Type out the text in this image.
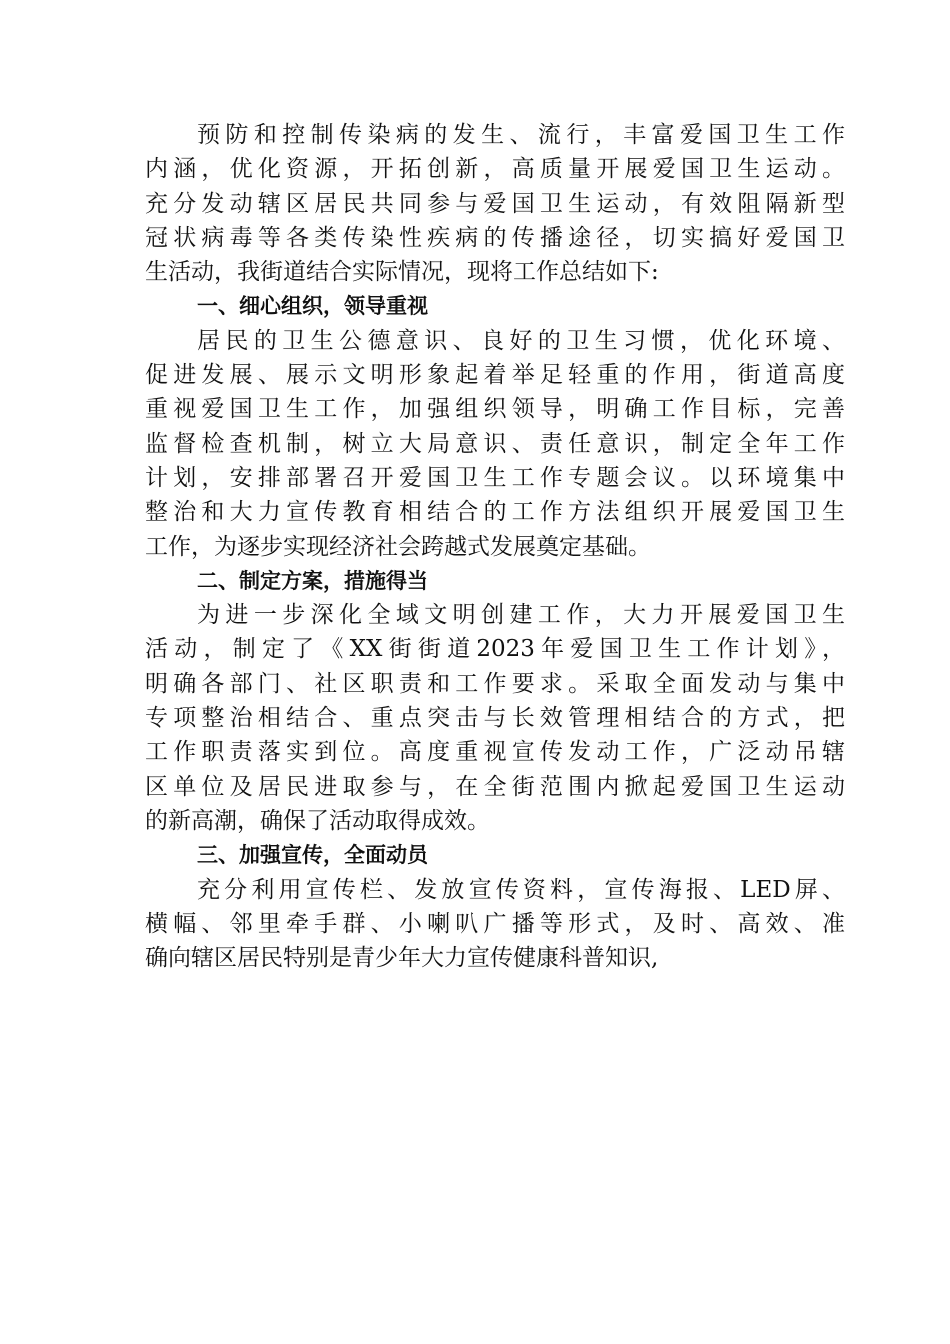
预防和控制传染病的发生、流行，丰富爱国卫生工作
内涵，优化资源，开拓创新，高质量开展爱国卫生运动。
充分发动辖区居民共同参与爱国卫生运动，有效阻隔新型
冠状病毒等各类传染性疾病的传播途径，切实搞好爱国卫
生活动，我街道结合实际情况，现将工作总结如下:
一、细心组织，领导重视
居民的卫生公德意识、良好的卫生习惯，优化环境、
促进发展、展示文明形象起着举足轻重的作用，街道高度
重视爱国卫生工作，加强组织领导，明确工作目标，完善
监督检查机制，树立大局意识、责任意识，制定全年工作
计划，安排部署召开爱国卫生工作专题会议。以环境集中
整治和大力宣传教育相结合的工作方法组织开展爱国卫生
工作，为逐步实现经济社会跨越式发展奠定基础。
二、制定方案，措施得当
为进一步深化全域文明创建工作，大力开展爱国卫生
活动，制定了《XX街街道2023年爱国卫生工作计划》，
明确各部门、社区职责和工作要求。采取全面发动与集中
专项整治相结合、重点突击与长效管理相结合的方式，把
工作职责落实到位。高度重视宣传发动工作，广泛动吊辖
区单位及居民进取参与，在全街范围内掀起爱国卫生运动
的新高潮，确保了活动取得成效。
三、加强宣传，全面动员
充分利用宣传栏、发放宣传资料，宣传海报、LED屏、
横幅、邻里牵手群、小喇叭广播等形式，及时、高效、准
确向辖区居民特别是青少年大力宣传健康科普知识,
